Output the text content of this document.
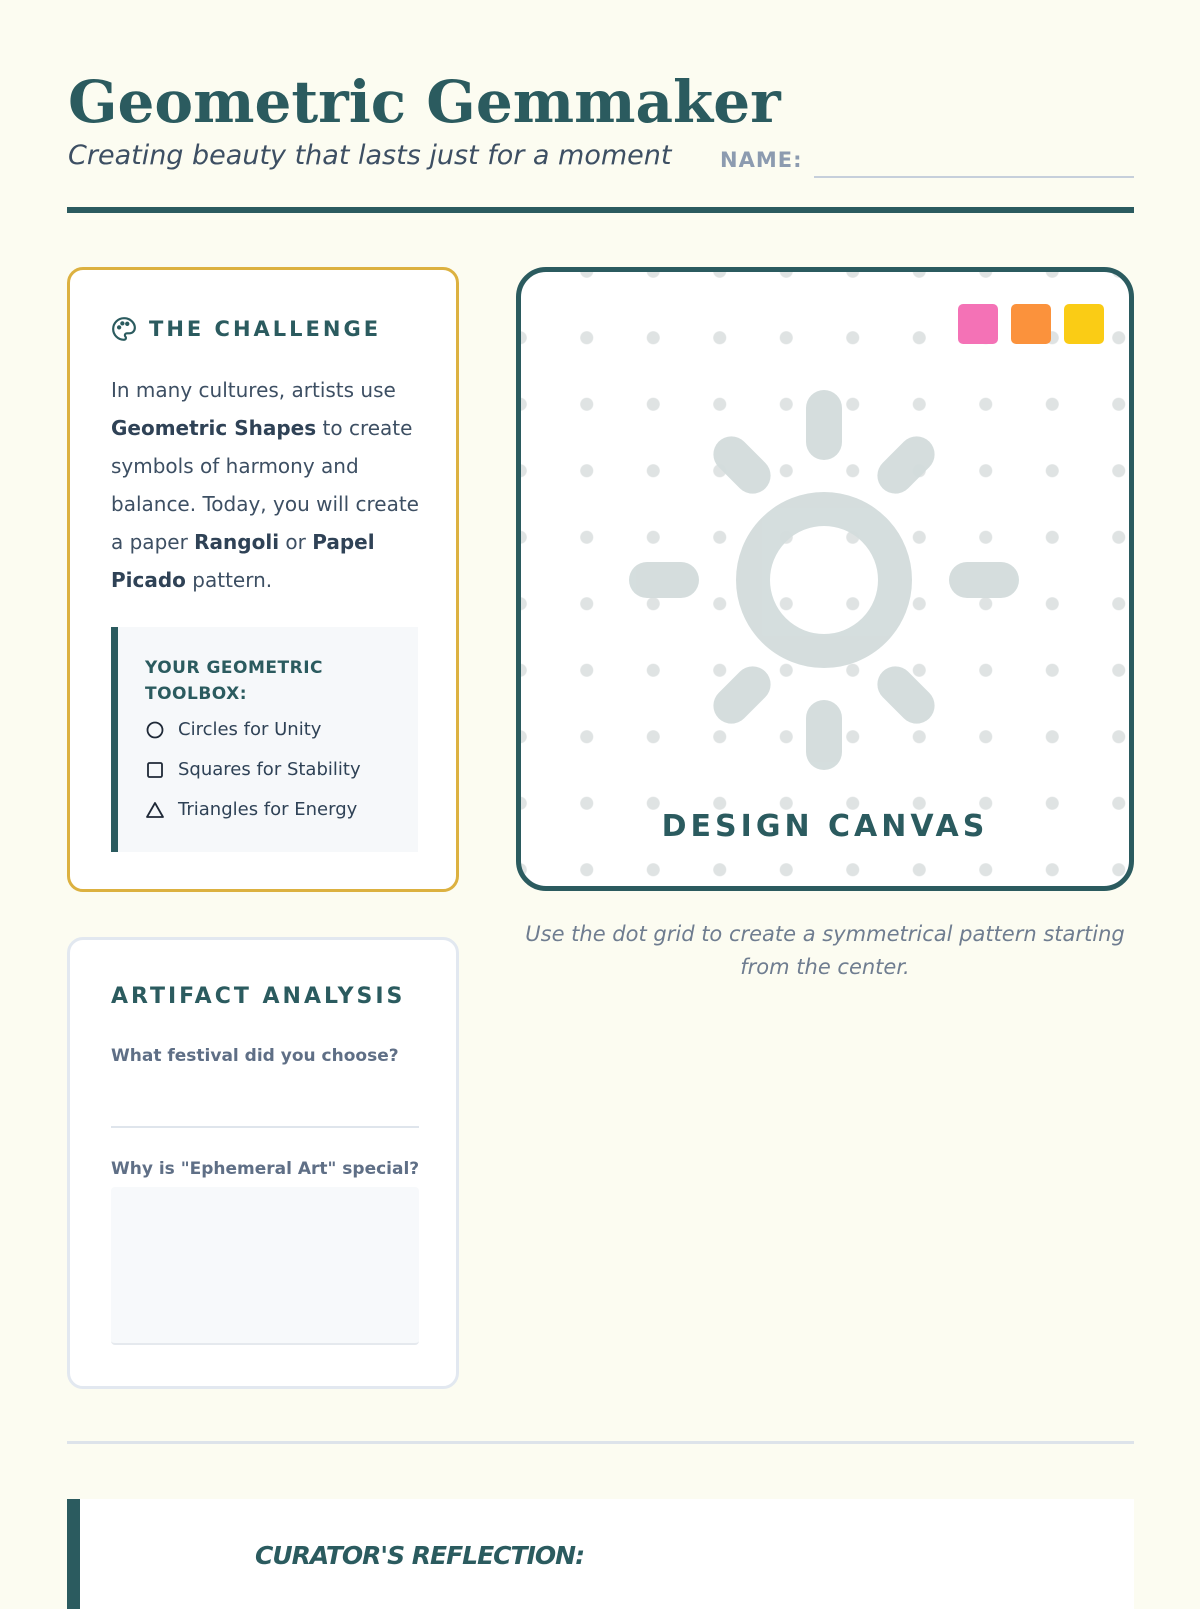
Geometric Gemmaker
Creating beauty that lasts just for a moment NAME:
THE CHALLENGE
In many cultures, artists use Geometric Shapes to create symbols of harmony and balance. Today, you will create a paper Rangoli or Papel Picado pattern.
YOUR GEOMETRIC TOOLBOX:
Circles for Unity
Squares for Stability
Triangles for Energy
ARTIFACT ANALYSIS
What festival did you choose?
Why is "Ephemeral Art" special?
DESIGN CANVAS
Use the dot grid to create a symmetrical pattern starting from the center.
CURATOR'S REFLECTION:
